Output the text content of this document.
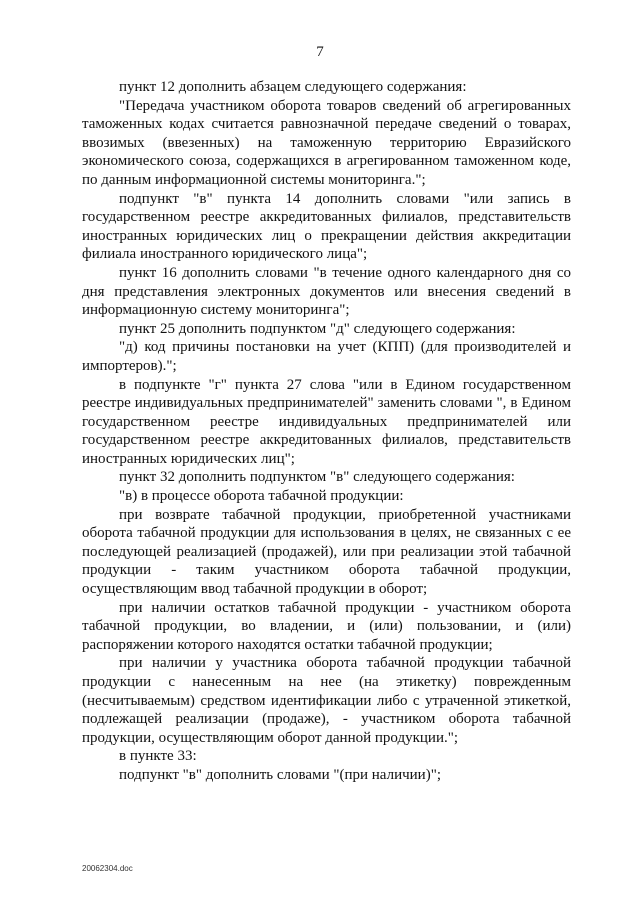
7

пункт 12 дополнить абзацем следующего содержания:

"Передача участником оборота товаров сведений об агрегированных таможенных кодах считается равнозначной передаче сведений о товарах, ввозимых (ввезенных) на таможенную территорию Евразийского экономического союза, содержащихся в агрегированном таможенном коде, по данным информационной системы мониторинга.";

подпункт "в" пункта 14 дополнить словами "или запись в государственном реестре аккредитованных филиалов, представительств иностранных юридических лиц о прекращении действия аккредитации филиала иностранного юридического лица";

пункт 16 дополнить словами "в течение одного календарного дня со дня представления электронных документов или внесения сведений в информационную систему мониторинга";

пункт 25 дополнить подпунктом "д" следующего содержания:

"д) код причины постановки на учет (КПП) (для производителей и импортеров).";

в подпункте "г" пункта 27 слова "или в Едином государственном реестре индивидуальных предпринимателей" заменить словами ", в Едином государственном реестре индивидуальных предпринимателей или государственном реестре аккредитованных филиалов, представительств иностранных юридических лиц";

пункт 32 дополнить подпунктом "в" следующего содержания:

"в) в процессе оборота табачной продукции:

при возврате табачной продукции, приобретенной участниками оборота табачной продукции для использования в целях, не связанных с ее последующей реализацией (продажей), или при реализации этой табачной продукции - таким участником оборота табачной продукции, осуществляющим ввод табачной продукции в оборот;

при наличии остатков табачной продукции - участником оборота табачной продукции, во владении, и (или) пользовании, и (или) распоряжении которого находятся остатки табачной продукции;

при наличии у участника оборота табачной продукции табачной продукции с нанесенным на нее (на этикетку) поврежденным (несчитываемым) средством идентификации либо с утраченной этикеткой, подлежащей реализации (продаже), - участником оборота табачной продукции, осуществляющим оборот данной продукции.";

в пункте 33:

подпункт "в" дополнить словами "(при наличии)";

20062304.doc
